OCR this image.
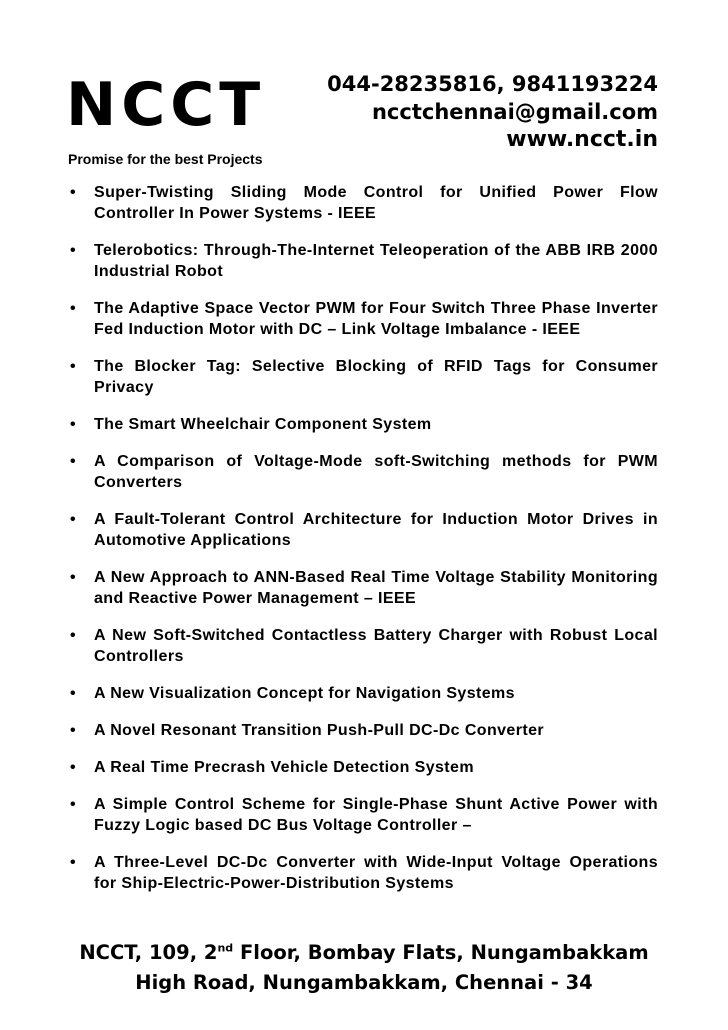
NCCT
Promise for the best Projects
044-28235816, 9841193224
ncctchennai@gmail.com
www.ncct.in
• Super-Twisting Sliding Mode Control for Unified Power Flow Controller In Power Systems - IEEE
• Telerobotics: Through-The-Internet Teleoperation of the ABB IRB 2000 Industrial Robot
• The Adaptive Space Vector PWM for Four Switch Three Phase Inverter Fed Induction Motor with DC – Link Voltage Imbalance - IEEE
• The Blocker Tag: Selective Blocking of RFID Tags for Consumer Privacy
• The Smart Wheelchair Component System
• A Comparison of Voltage-Mode soft-Switching methods for PWM Converters
• A Fault-Tolerant Control Architecture for Induction Motor Drives in Automotive Applications
• A New Approach to ANN-Based Real Time Voltage Stability Monitoring and Reactive Power Management – IEEE
• A New Soft-Switched Contactless Battery Charger with Robust Local Controllers
• A New Visualization Concept for Navigation Systems
• A Novel Resonant Transition Push-Pull DC-Dc Converter
• A Real Time Precrash Vehicle Detection System
• A Simple Control Scheme for Single-Phase Shunt Active Power with Fuzzy Logic based DC Bus Voltage Controller –
• A Three-Level DC-Dc Converter with Wide-Input Voltage Operations for Ship-Electric-Power-Distribution Systems
NCCT, 109, 2nd Floor, Bombay Flats, Nungambakkam
High Road, Nungambakkam, Chennai - 34
